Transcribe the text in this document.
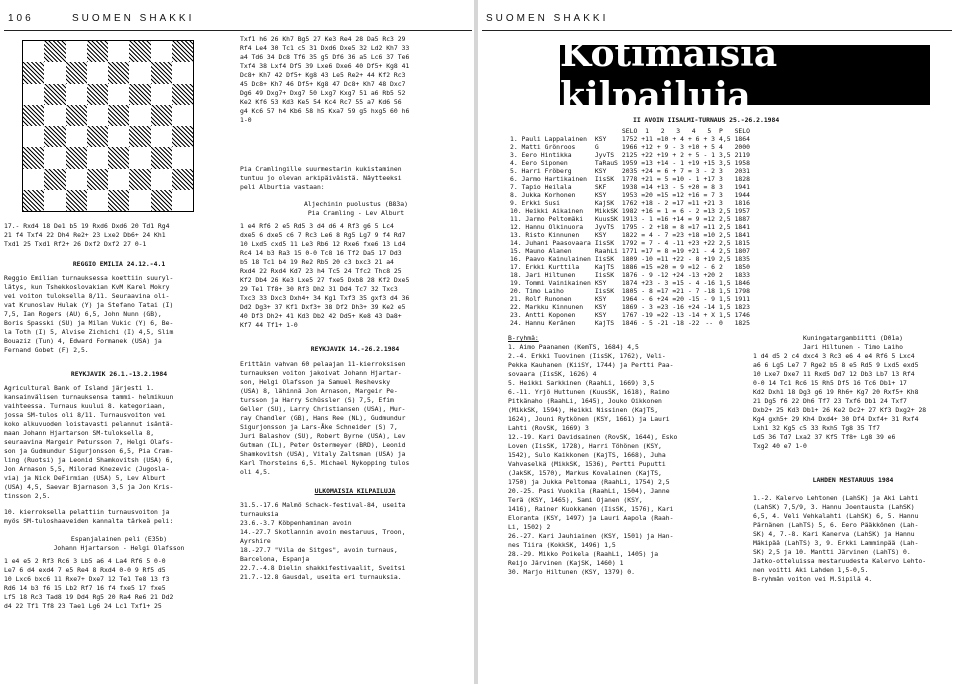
106	SUOMEN SHAKKI
Txf1 h6 26 Kh7 Bg5 27 Ke3 Re4 28 Da5 Rc3 29
Rf4 Le4 30 Tc1 c5 31 Dxd6 Dxe5 32 Ld2 Kh7 33
a4 Td6 34 Dc8 Tf6 35 g5 Df6 36 a5 Lc6 37 Te6
Txf4 38 Lxf4 Df5 39 Lxe6 Dxe6 40 Df5+ Kg8 41
Dc8+ Kh7 42 Df5+ Kg8 43 Le5 Re2+ 44 Kf2 Rc3
45 Dc8+ Kh7 46 Df5+ Kg8 47 Dc8+ Kh7 48 Dxc7
Dg6 49 Dxg7+ Dxg7 50 Lxg7 Kxg7 51 a6 Rb5 52
Ke2 Kf6 53 Kd3 Ke5 54 Kc4 Rc7 55 a7 Kd6 56
g4 Kc6 57 h4 Kb6 58 h5 Kxa7 59 g5 hxg5 60 h6
1-0
17.- Rxd4 18 De1 b5 19 Rxd6 Dxd6 20 Td1 Rg4
21 f4 Txf4 22 Dh4 Re2+ 23 Lxe2 Db6+ 24 Kh1
Txd1 25 Txd1 Rf2+ 26 Dxf2 Dxf2 27 0-1
REGGIO EMILIA 24.12.-4.1
Reggio Emilian turnauksessa koettiin suuryl-
lätys, kun Tshekkoslovakian KvM Karel Mokry
vei voiton tuloksella 8/11. Seuraavina oli-
vat Krunoslav Hulak (Y) ja Stefano Tatai (I)
7,5, Ian Rogers (AU) 6,5, John Nunn (GB),
Boris Spasski (SU) ja Milan Vukic (Y) 6, Be-
la Toth (I) 5, Alvise Zichichi (I) 4,5, Slim
Bouaziz (Tun) 4, Edward Formanek (USA) ja
Fernand Gobet (F) 2,5.
REYKJAVIK 26.1.-13.2.1984
Agricultural Bank of Island järjesti 1.
kansainvälisen turnauksensa tammi- helmikuun
vaihteessa. Turnaus kuului 8. kategoriaan,
jossa SM-tulos oli 8/11. Turnausvoiton vei
koko alkuvuoden loistavasti pelannut isäntä-
maan Johann Hjartarson SM-tuloksella 8,
seuraavina Margeir Petursson 7, Helgi Olafs-
son ja Gudmundur Sigurjonsson 6,5, Pia Cram-
ling (Ruotsi) ja Leonid Shamkovitsh (USA) 6,
Jon Arnason 5,5, Milorad Knezevic (Jugosla-
via) ja Nick DeFirmian (USA) 5, Lev Alburt
(USA) 4,5, Saevar Bjarnason 3,5 ja Jon Kris-
tinsson 2,5.
10. kierroksella pelattiin turnausvoiton ja
myös SM-tuloshaaveiden kannalta tärkeä peli:
Espanjalainen peli (E35b)
Johann Hjartarson - Helgi Olafsson
1 e4 e5 2 Rf3 Rc6 3 Lb5 a6 4 La4 Rf6 5 0-0
Le7 6 d4 exd4 7 e5 Re4 8 Rxd4 0-0 9 Rf5 d5
10 Lxc6 bxc6 11 Rxe7+ Dxe7 12 Te1 Te8 13 f3
Rd6 14 b3 f6 15 Lb2 Rf7 16 f4 fxe5 17 fxe5
Lf5 18 Rc3 Tad8 19 Dd4 Rg5 20 Ra4 Re6 21 Dd2
d4 22 Tf1 Tf8 23 Tae1 Lg6 24 Lc1 Txf1+ 25
Pia Cramlingille suurmestarin kukistaminen
tuntuu jo olevan arkipäiväistä. Näytteeksi
peli Alburtia vastaan:
Aljechinin puolustus (B83a)
Pia Cramling - Lev Alburt
1 e4 Rf6 2 e5 Rd5 3 d4 d6 4 Rf3 g6 5 Lc4
dxe5 6 dxe5 c6 7 Rc3 Le6 8 Rg5 Lg7 9 f4 Rd7
10 Lxd5 cxd5 11 Le3 Rb6 12 Rxe6 fxe6 13 Ld4
Rc4 14 b3 Ra3 15 0-0 Tc8 16 Tf2 Da5 17 Dd3
b5 18 Tc1 b4 19 Re2 Rb5 20 c3 bxc3 21 a4
Rxd4 22 Rxd4 Kd7 23 h4 Tc5 24 Tfc2 Thc8 25
Kf2 Db4 26 Ke3 Lxe5 27 fxe5 Dxb8 28 Kf2 Dxe5
29 Te1 Tf8+ 30 Rf3 Dh2 31 Dd4 Tc7 32 Txc3
Txc3 33 Dxc3 Dxh4+ 34 Kg1 Txf3 35 gxf3 d4 36
Dd2 Dg3+ 37 Kf1 Dxf3+ 38 Df2 Dh3+ 39 Ke2 e5
40 Df3 Dh2+ 41 Kd3 Db2 42 Dd5+ Ke8 43 Da8+
Kf7 44 Tf1+ 1-0
REYKJAVIK 14.-26.2.1984
Erittäin vahvan 60 pelaajan 11-kierroksisen
turnauksen voiton jakoivat Johann Hjartar-
son, Helgi Olafsson ja Samuel Reshevsky
(USA) 8, lähinnä Jon Arnason, Margeir Pe-
tursson ja Harry Schüssler (S) 7,5, Efim
Geller (SU), Larry Christiansen (USA), Mur-
ray Chandler (GB), Hans Ree (NL), Gudmundur
Sigurjonsson ja Lars-Åke Schneider (S) 7,
Juri Balashov (SU), Robert Byrne (USA), Lev
Gutman (IL), Peter Ostermeyer (BRD), Leonid
Shamkovitsh (USA), Vitaly Zaltsman (USA) ja
Karl Thorsteins 6,5. Michael Nykopping tulos
oli 4,5.
ULKOMAISIA KILPAILUJA
31.5.-17.6 Malmö Schack-festival-84, useita
turnauksia
23.6.-3.7 Köbpenhaminan avoin
14.-27.7 Skotlannin avoin mestaruus, Troon,
Ayrshire
18.-27.7 "Vila de Sitges", avoin turnaus,
Barcelona, Espanja
22.7.-4.8 Dielin shakkifestivaalit, Sveitsi
21.7.-12.8 Gausdal, useita eri turnauksia.
SUOMEN SHAKKI
Kotimaisia kilpailuja
II AVOIN IISALMI-TURNAUS 25.-26.2.1984
		SELO	1	2	3	4	5	P	SELO
1. Pauli Lappalainen	KSY	1752	+11	=10	+ 4	+ 6	+ 3	4,5	1864
2. Matti Grönroos	G	1966	+12	+ 9	- 3	+10	+ 5	4	2000
3. Eero Hintikka	JyvTS	2125	+22	+19	+ 2	+ 5	- 1	3,5	2119
4. Eero Siponen	TaRauS	1959	=13	+14	- 1	+19	+15	3,5	1958
5. Harri Fröberg	KSY	2035	+24	= 6	+ 7	= 3	- 2	3	2031
6. Jarmo Hartikainen	IisSK	1778	+21	= 5	=10	- 1	+17	3	1828
7. Tapio Heilala	SKF	1938	=14	+13	- 5	+20	= 8	3	1941
8. Jukka Korhonen	KSY	1953	=20	=15	=12	+16	= 7	3	1944
9. Erkki Susi	KajSK	1762	+18	- 2	=17	=11	+21	3	1816
10. Heikki Aikainen	MikkSK	1982	+16	= 1	= 6	- 2	=13	2,5	1957
11. Jarmo Peltomäki	KuusSK	1913	- 1	=16	+14	= 9	=12	2,5	1887
12. Hannu Olkinuora	JyvTS	1795	- 2	+18	= 8	=17	=11	2,5	1841
13. Risto Kinnunen	KSY	1822	= 4	- 7	=23	+18	=10	2,5	1841
14. Juhani Paasovaara	IisSK	1792	= 7	- 4	-11	+23	+22	2,5	1815
15. Mauno Alanen	RaahLi	1771	=17	= 8	=19	+21	- 4	2,5	1807
16. Paavo Kainulainen	IisSK	1809	-10	=11	+22	- 8	+19	2,5	1835
17. Erkki Kurttila	KajTS	1886	=15	=20	= 9	=12	- 6	2	1850
18. Jari Hiltunen	IisSK	1876	- 9	-12	+24	-13	+20	2	1833
19. Tommi Vainikainen	KSY	1874	+23	- 3	=15	- 4	-16	1,5	1846
20. Timo Laiho	IisSK	1805	- 8	=17	=21	- 7	-18	1,5	1798
21. Rolf Runonen	KSY	1964	- 6	+24	=20	-15	- 9	1,5	1911
22. Markku Kinnunen	KSY	1869	- 3	=23	-16	+24	-14	1,5	1823
23. Antti Koponen	KSY	1767	-19	=22	-13	-14	+ X	1,5	1746
24. Hannu Keränen	KajTS	1846	- 5	-21	-18	-22	--	0	1825
B-ryhmä:
1. Aimo Paananen (KemTS, 1684) 4,5
2.-4. Erkki Tuovinen (IisSK, 1762), Veli-
Pekka Kauhanen (KiiSY, 1744) ja Pertti Paa-
sovaara (IisSK, 1626) 4
5. Heikki Sarkkinen (RaahLi, 1669) 3,5
6.-11. Yrjö Huttunen (KuusSK, 1618), Raimo
Pitkänaho (RaahLi, 1645), Jouko Oikkonen
(MikkSK, 1594), Heikki Nissinen (KajTS,
1624), Jouni Rytkönen (KSY, 1661) ja Lauri
Lahti (RovSK, 1669) 3
12.-19. Kari Davidsainen (RovSK, 1644), Esko
Loven (IisSK, 1728), Harri Töhönen (KSY,
1542), Sulo Kaikkonen (KajTS, 1668), Juha
Vahvaselkä (MikkSK, 1536), Pertti Puputti
(JakSK, 1570), Markus Kovalainen (KajTS,
1750) ja Jukka Peltomaa (RaahLi, 1754) 2,5
20.-25. Pasi Vuokila (RaahLi, 1504), Janne
Terä (KSY, 1465), Sami Ojanen (KSY,
1416), Rainer Kuokkanen (IisSK, 1576), Kari
Eloranta (KSY, 1497) ja Lauri Aapola (Raah-
Li, 1502) 2
26.-27. Kari Jauhiainen (KSY, 1501) ja Han-
nes Tiira (KokkSK, 1496) 1,5
28.-29. Mikko Poikela (RaahLi, 1405) ja
Reijo Järvinen (KajSK, 1460) 1
30. Marjo Hiltunen (KSY, 1379) 0.
Kuningatargambiitti (D01a)
Jari Hiltunen - Timo Laiho
1 d4 d5 2 c4 dxc4 3 Rc3 e6 4 e4 Rf6 5 Lxc4
a6 6 Lg5 Le7 7 Rge2 b5 8 e5 Rd5 9 Lxd5 exd5
10 Lxe7 Dxe7 11 Rxd5 Dd7 12 Db3 Lb7 13 Rf4
0-0 14 Tc1 Rc6 15 Rh5 Df5 16 Tc6 Db1+ 17
Kd2 Dxh1 18 Dg3 g6 19 Rh6+ Kg7 20 Rxf5+ Kh8
21 Dg5 f6 22 Dh6 Tf7 23 Txf6 Db1 24 Txf7
Dxb2+ 25 Kd3 Db1+ 26 Ke2 Dc2+ 27 Kf3 Dxg2+ 28
Kg4 gxh5+ 29 Kh4 Dxd4+ 30 Df4 Dxf4+ 31 Rxf4
Lxh1 32 Kg5 c5 33 Rxh5 Tg8 35 Tf7
Ld5 36 Td7 Lxa2 37 Kf5 Tf8+ Lg8 39 e6
Txg2 40 e7 1-0
LAHDEN MESTARUUS 1984
1.-2. Kalervo Lehtonen (LahSK) ja Aki Lahti
(LahSK) 7,5/9, 3. Hannu Joentausta (LahSK)
6,5, 4. Veli Vehkalahti (LahSK) 6, 5. Hannu
Pärnänen (LahTS) 5, 6. Eero Pääkkönen (Lah-
SK) 4, 7.-8. Kari Kanerva (LahSK) ja Hannu
Mäkipää (LahTS) 3, 9. Erkki Lamminpää (Lah-
SK) 2,5 ja 10. Mantti Järvinen (LahTS) 0.
Jatko-otteluissa mestaruudesta Kalervo Lehto-
nen voitti Aki Lahden 1,5-0,5.
B-ryhmän voiton vei M.Sipilä 4.
